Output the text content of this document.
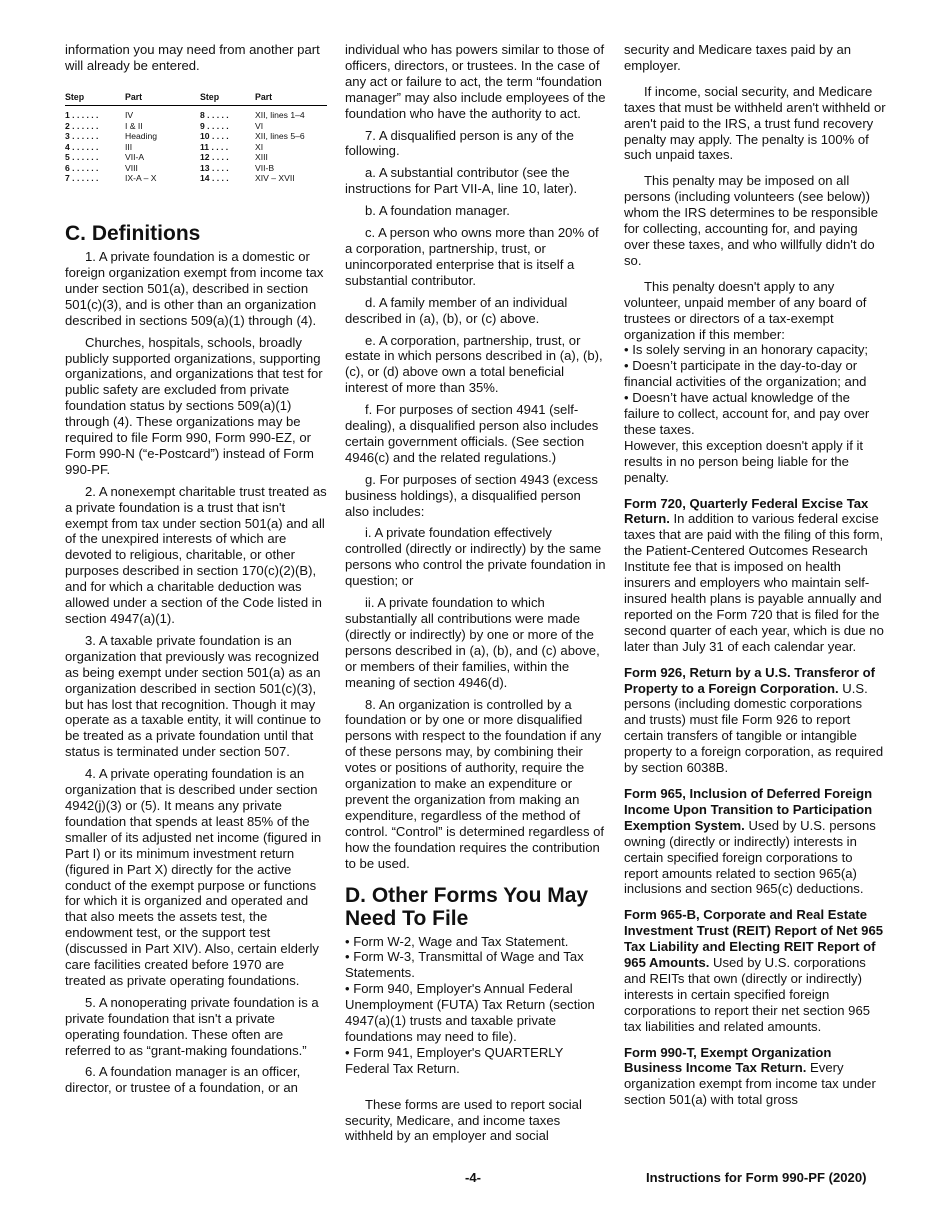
information you may need from another part will already be entered.

Step	Part	Step	Part

1 . . . . . .	IV	8 . . . . .	XII, lines 1–4
2 . . . . . .	I & II	9 . . . . .	VI
3 . . . . . .	Heading	10 . . . .	XII, lines 5–6
4 . . . . . .	III	11 . . . .	XI
5 . . . . . .	VII-A	12 . . . .	XIII
6 . . . . . .	VIII	13 . . . .	VII-B
7 . . . . . .	IX-A – X	14 . . . .	XIV – XVII
C. Definitions

1. A private foundation is a domestic or foreign organization exempt from income tax under section 501(a), described in section 501(c)(3), and is other than an organization described in sections 509(a)(1) through (4).

Churches, hospitals, schools, broadly publicly supported organizations, supporting organizations, and organizations that test for public safety are excluded from private foundation status by sections 509(a)(1) through (4). These organizations may be required to file Form 990, Form 990-EZ, or Form 990-N (“e-Postcard”) instead of Form 990-PF.

2. A nonexempt charitable trust treated as a private foundation is a trust that isn't exempt from tax under section 501(a) and all of the unexpired interests of which are devoted to religious, charitable, or other purposes described in section 170(c)(2)(B), and for which a charitable deduction was allowed under a section of the Code listed in section 4947(a)(1).

3. A taxable private foundation is an organization that previously was recognized as being exempt under section 501(a) as an organization described in section 501(c)(3), but has lost that recognition. Though it may operate as a taxable entity, it will continue to be treated as a private foundation until that status is terminated under section 507.

4. A private operating foundation is an organization that is described under section 4942(j)(3) or (5). It means any private foundation that spends at least 85% of the smaller of its adjusted net income (figured in Part I) or its minimum investment return (figured in Part X) directly for the active conduct of the exempt purpose or functions for which it is organized and operated and that also meets the assets test, the endowment test, or the support test (discussed in Part XIV). Also, certain elderly care facilities created before 1970 are treated as private operating foundations.

5. A nonoperating private foundation is a private foundation that isn't a private operating foundation. These often are referred to as “grant-making foundations.”

6. A foundation manager is an officer, director, or trustee of a foundation, or an

individual who has powers similar to those of officers, directors, or trustees. In the case of any act or failure to act, the term “foundation manager” may also include employees of the foundation who have the authority to act.

7. A disqualified person is any of the following.

a. A substantial contributor (see the instructions for Part VII-A, line 10, later).

b. A foundation manager.

c. A person who owns more than 20% of a corporation, partnership, trust, or unincorporated enterprise that is itself a substantial contributor.

d. A family member of an individual described in (a), (b), or (c) above.

e. A corporation, partnership, trust, or estate in which persons described in (a), (b), (c), or (d) above own a total beneficial interest of more than 35%.

f. For purposes of section 4941 (self-dealing), a disqualified person also includes certain government officials. (See section 4946(c) and the related regulations.)

g. For purposes of section 4943 (excess business holdings), a disqualified person also includes:

i. A private foundation effectively controlled (directly or indirectly) by the same persons who control the private foundation in question; or

ii. A private foundation to which substantially all contributions were made (directly or indirectly) by one or more of the persons described in (a), (b), and (c) above, or members of their families, within the meaning of section 4946(d).

8. An organization is controlled by a foundation or by one or more disqualified persons with respect to the foundation if any of these persons may, by combining their votes or positions of authority, require the organization to make an expenditure or prevent the organization from making an expenditure, regardless of the method of control. “Control” is determined regardless of how the foundation requires the contribution to be used.

D. Other Forms You May Need To File

• Form W-2, Wage and Tax Statement.

• Form W-3, Transmittal of Wage and Tax Statements.

• Form 940, Employer's Annual Federal Unemployment (FUTA) Tax Return (section 4947(a)(1) trusts and taxable private foundations may need to file).

• Form 941, Employer's QUARTERLY Federal Tax Return.

These forms are used to report social security, Medicare, and income taxes withheld by an employer and social

security and Medicare taxes paid by an employer.

If income, social security, and Medicare taxes that must be withheld aren't withheld or aren't paid to the IRS, a trust fund recovery penalty may apply. The penalty is 100% of such unpaid taxes.

This penalty may be imposed on all persons (including volunteers (see below)) whom the IRS determines to be responsible for collecting, accounting for, and paying over these taxes, and who willfully didn't do so.

This penalty doesn't apply to any volunteer, unpaid member of any board of trustees or directors of a tax-exempt organization if this member:

• Is solely serving in an honorary capacity;

• Doesn’t participate in the day-to-day or financial activities of the organization; and

• Doesn’t have actual knowledge of the failure to collect, account for, and pay over these taxes.

However, this exception doesn't apply if it results in no person being liable for the penalty.

Form 720, Quarterly Federal Excise Tax Return. In addition to various federal excise taxes that are paid with the filing of this form, the Patient-Centered Outcomes Research Institute fee that is imposed on health insurers and employers who maintain self-insured health plans is payable annually and reported on the Form 720 that is filed for the second quarter of each year, which is due no later than July 31 of each calendar year.

Form 926, Return by a U.S. Transferor of Property to a Foreign Corporation. U.S. persons (including domestic corporations and trusts) must file Form 926 to report certain transfers of tangible or intangible property to a foreign corporation, as required by section 6038B.

Form 965, Inclusion of Deferred Foreign Income Upon Transition to Participation Exemption System. Used by U.S. persons owning (directly or indirectly) interests in certain specified foreign corporations to report amounts related to section 965(a) inclusions and section 965(c) deductions.

Form 965-B, Corporate and Real Estate Investment Trust (REIT) Report of Net 965 Tax Liability and Electing REIT Report of 965 Amounts. Used by U.S. corporations and REITs that own (directly or indirectly) interests in certain specified foreign corporations to report their net section 965 tax liabilities and related amounts.

Form 990-T, Exempt Organization Business Income Tax Return. Every organization exempt from income tax under section 501(a) with total gross

-4-	Instructions for Form 990-PF (2020)
